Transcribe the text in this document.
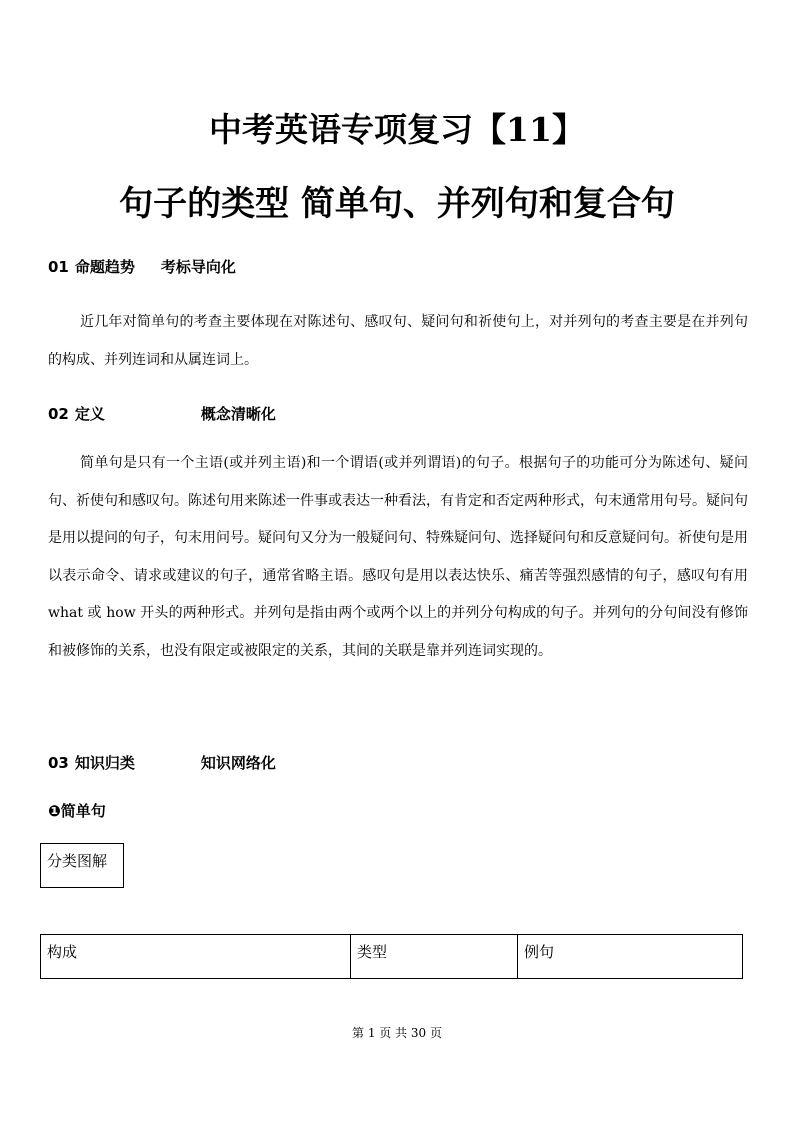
中考英语专项复习【11】
句子的类型 简单句、并列句和复合句
01 命题趋势 考标导向化

近几年对简单句的考查主要体现在对陈述句、感叹句、疑问句和祈使句上，对并列句的考查主要是在并列句的构成、并列连词和从属连词上。

02 定义	概念清晰化

简单句是只有一个主语(或并列主语)和一个谓语(或并列谓语)的句子。根据句子的功能可分为陈述句、疑问句、祈使句和感叹句。陈述句用来陈述一件事或表达一种看法，有肯定和否定两种形式，句末通常用句号。疑问句是用以提问的句子，句末用问号。疑问句又分为一般疑问句、特殊疑问句、选择疑问句和反意疑问句。祈使句是用以表示命令、请求或建议的句子，通常省略主语。感叹句是用以表达快乐、痛苦等强烈感情的句子，感叹句有用 what 或 how 开头的两种形式。并列句是指由两个或两个以上的并列分句构成的句子。并列句的分句间没有修饰和被修饰的关系，也没有限定或被限定的关系，其间的关联是靠并列连词实现的。

03 知识归类	知识网络化
❶简单句
分类图解
构成	类型	例句
第 1 页 共 30 页
